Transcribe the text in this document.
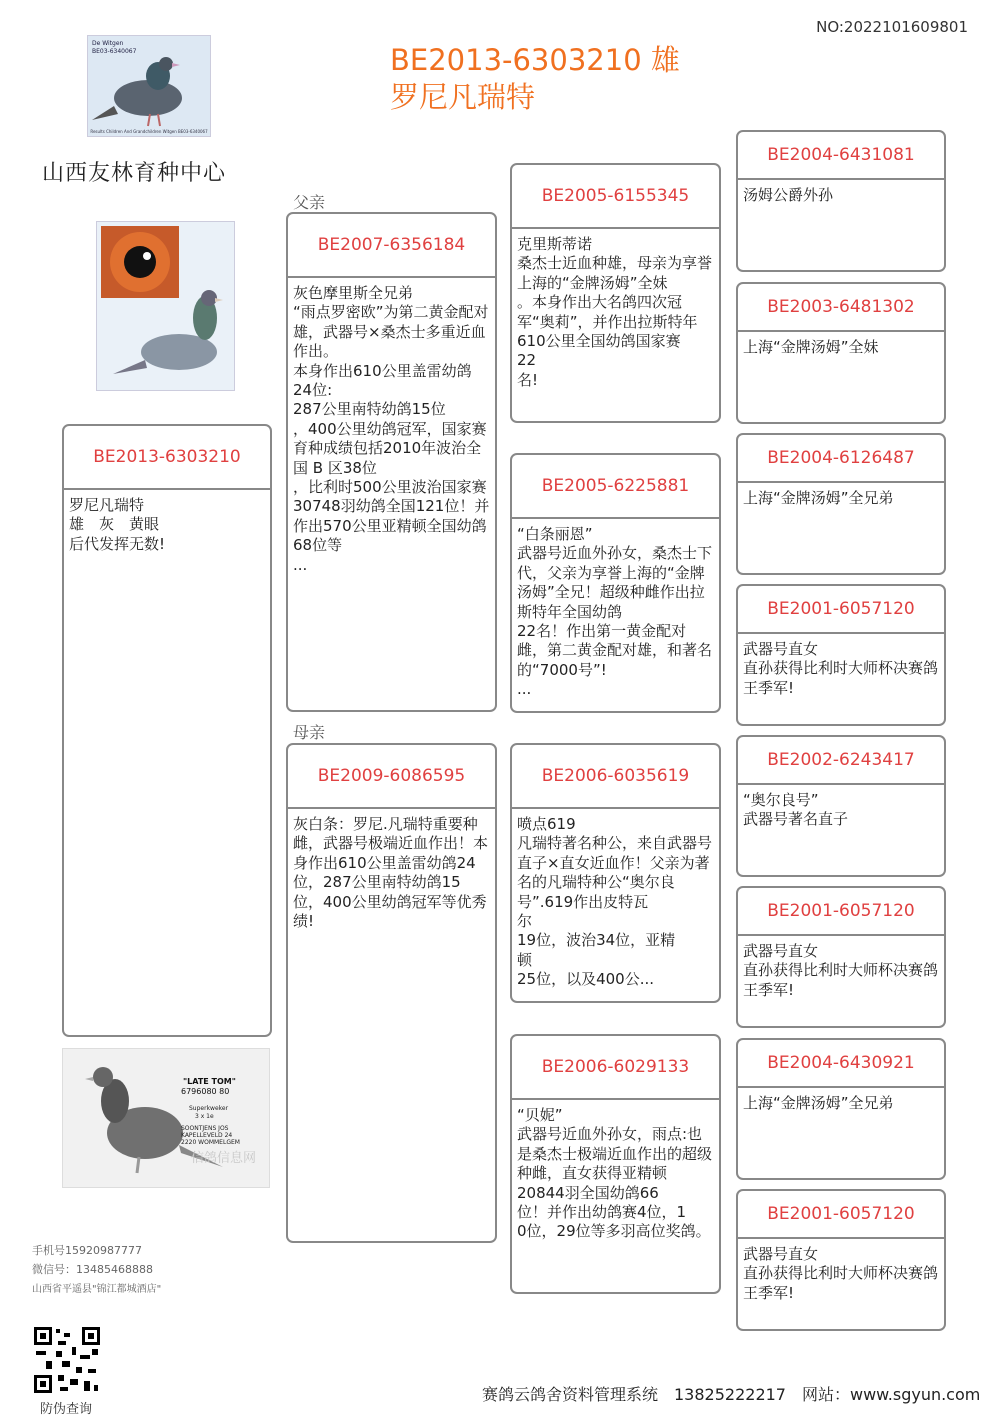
NO:2022101609801
BE2013-6303210 雄
罗尼凡瑞特
De Witgen
BE03-6340067
Results Children And Grandchildren Witgen BE03-6340067
山西友林育种中心
BE2013-6303210
罗尼凡瑞特
雄　灰　黄眼
后代发挥无数!
父亲
母亲
BE2007-6356184
灰色摩里斯全兄弟
“雨点罗密欧”为第二黄金配对雄，武器号×桑杰士多重近血作出。
本身作出610公里盖雷幼鸽24位:
287公里南特幼鸽15位
，400公里幼鸽冠军，国家赛育种成绩包括2010年波治全国 B 区38位
，比利时500公里波治国家赛30748羽幼鸽全国121位！并作出570公里亚精顿全国幼鸽68位等
...
BE2009-6086595
灰白条：罗尼.凡瑞特重要种雌，武器号极端近血作出！本身作出610公里盖雷幼鸽24位，287公里南特幼鸽15位，400公里幼鸽冠军等优秀绩!
BE2005-6155345
克里斯蒂诺
桑杰士近血种雄，母亲为享誉上海的“金牌汤姆”全妹
。本身作出大名鸽四次冠军“奥莉”，并作出拉斯特年
610公里全国幼鸽国家赛
22
名!
BE2005-6225881
“白条丽恩”
武器号近血外孙女，桑杰士下代，父亲为享誉上海的“金牌汤姆”全兄！超级种雌作出拉斯特年全国幼鸽
22名！作出第一黄金配对雌，第二黄金配对雄，和著名的“7000号”!
...
BE2006-6035619
喷点619
凡瑞特著名种公，来自武器号直子×直女近血作！父亲为著名的凡瑞特种公“奥尔良号”.619作出皮特瓦
尔
19位，波治34位，亚精
顿
25位，以及400公...
BE2006-6029133
“贝妮”
武器号近血外孙女，雨点:也是桑杰士极端近血作出的超级种雌，直女获得亚精顿20844羽全国幼鸽66
位！并作出幼鸽赛4位，1
0位，29位等多羽高位奖鸽。
BE2004-6431081
汤姆公爵外孙
BE2003-6481302
上海“金牌汤姆”全妹
BE2004-6126487
上海“金牌汤姆”全兄弟
BE2001-6057120
武器号直女
直孙获得比利时大师杯决赛鸽王季军!
BE2002-6243417
“奥尔良号”
武器号著名直子
BE2001-6057120
武器号直女
直孙获得比利时大师杯决赛鸽王季军!
BE2004-6430921
上海“金牌汤姆”全兄弟
BE2001-6057120
武器号直女
直孙获得比利时大师杯决赛鸽王季军!
"LATE TOM"
6796080 80
Superkweker
3 x 1e
SOONTJENS JOS
KAPELLEVELD 24
2220 WOMMELGEM
信鸽信息网
手机号15920987777
微信号：13485468888
山西省平遥县"锦江都城酒店"
防伪查询
赛鸽云鸽舍资料管理系统　13825222217　网站：www.sgyun.com
